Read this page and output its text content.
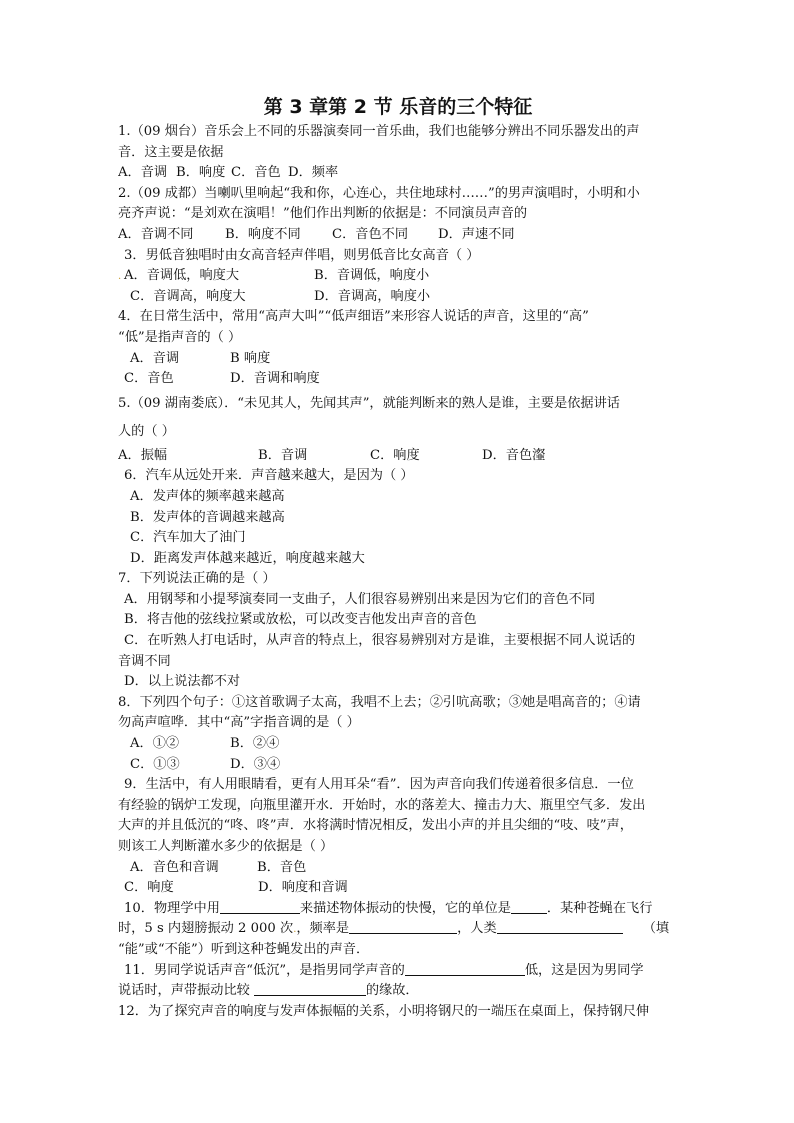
第 3 章第 2 节 乐音的三个特征
1.（09 烟台）音乐会上不同的乐器演奏同一首乐曲，我们也能够分辨出不同乐器发出的声
音．这主要是依据
A．音调 B．响度 C．音色 D．频率
2.（09 成都）当喇叭里响起“我和你，心连心，共住地球村……”的男声演唱时，小明和小
亮齐声说：“是刘欢在演唱！”他们作出判断的依据是：不同演员声音的
A．音调不同 B．响度不同 C．音色不同 D．声速不同
3．男低音独唱时由女高音轻声伴唱，则男低音比女高音（ ）
. A．音调低，响度大	B．音调低，响度小
C．音调高，响度大	D．音调高，响度小
4．在日常生活中，常用“高声大叫”“低声细语”来形容人说话的声音，这里的“高”
“低”是指声音的（ ）
A．音调	B 响度
C．音色	D．音调和响度
5.（09 湖南娄底）．“未见其人，先闻其声”，就能判断来的熟人是谁，主要是依据讲话
人的（ ）
A．振幅	B．音调	C．响度	D．音色瀣
6．汽车从远处开来．声音越来越大，是因为（ ）
A．发声体的频率越来越高
B．发声体的音调越来越高
C．汽车加大了油门
D．距离发声体越来越近，响度越来越大
7．下列说法正确的是（ ）
A．用钢琴和小提琴演奏同一支曲子，人们很容易辨别出来是因为它们的音色不同
B．将吉他的弦线拉紧或放松，可以改变吉他发出声音的音色
C．在听熟人打电话时，从声音的特点上，很容易辨别对方是谁，主要根据不同人说话的
音调不同
D．以上说法都不对
8．下列四个句子：①这首歌调子太高，我唱不上去；②引吭高歌；③她是唱高音的；④请
勿高声喧哗．其中“高”字指音调的是（ ）
A．①②	B．②④
C．①③	D．③④
9．生活中，有人用眼睛看，更有人用耳朵“看”．因为声音向我们传递着很多信息．一位
有经验的锅炉工发现，向瓶里灌开水．开始时，水的落差大、撞击力大、瓶里空气多．发出
大声的并且低沉的“咚、咚”声．水将满时情况相反，发出小声的并且尖细的“吱、吱”声，
则该工人判断灌水多少的依据是（ ）
A．音色和音调	B．音色
C．响度	D．响度和音调
10．物理学中用	来描述物体振动的快慢，它的单位是	．某种苍蝇在飞行
时，5 s 内翅膀振动 2 000 次.，频率是	，人类	（填
“能”或“不能”）听到这种苍蝇发出的声音．
11．男同学说话声音“低沉”，是指男同学声音的	低，这是因为男同学
说话时，声带振动比较	的缘故．
12．为了探究声音的响度与发声体振幅的关系，小明将钢尺的一端压在桌面上，保持钢尺伸
